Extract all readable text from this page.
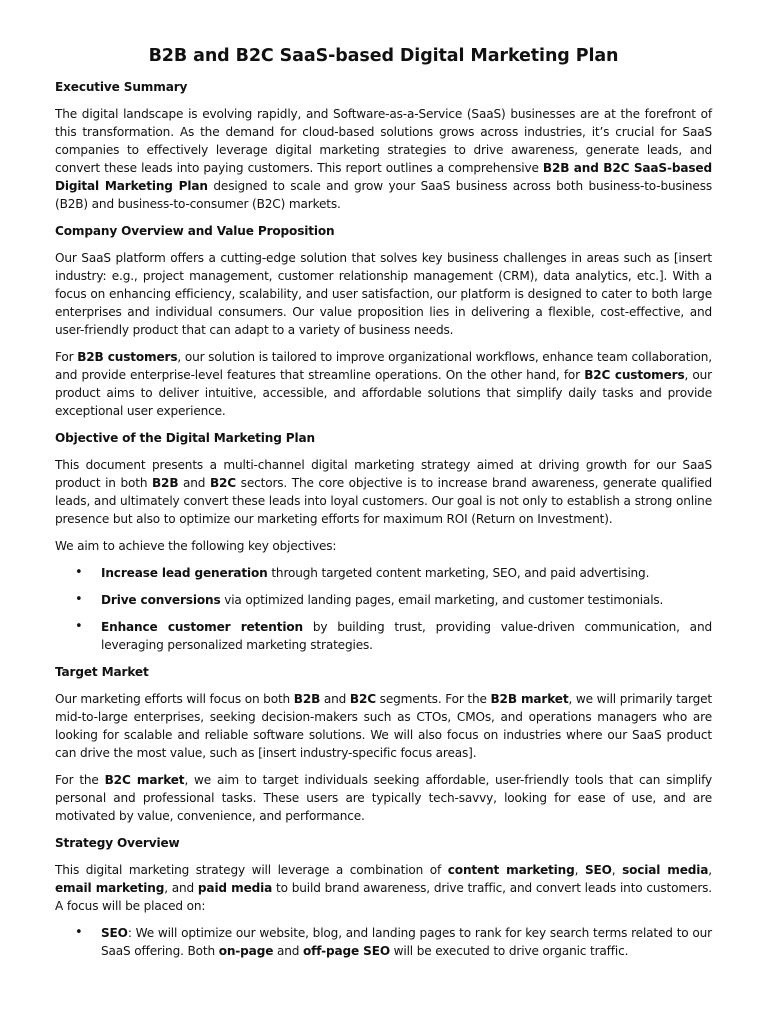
B2B and B2C SaaS-based Digital Marketing Plan
Executive Summary

The digital landscape is evolving rapidly, and Software-as-a-Service (SaaS) businesses are at the forefront of this transformation. As the demand for cloud-based solutions grows across industries, it’s crucial for SaaS companies to effectively leverage digital marketing strategies to drive awareness, generate leads, and convert these leads into paying customers. This report outlines a comprehensive B2B and B2C SaaS-based Digital Marketing Plan designed to scale and grow your SaaS business across both business-to-business (B2B) and business-to-consumer (B2C) markets.

Company Overview and Value Proposition

Our SaaS platform offers a cutting-edge solution that solves key business challenges in areas such as [insert industry: e.g., project management, customer relationship management (CRM), data analytics, etc.]. With a focus on enhancing efficiency, scalability, and user satisfaction, our platform is designed to cater to both large enterprises and individual consumers. Our value proposition lies in delivering a flexible, cost-effective, and user-friendly product that can adapt to a variety of business needs.

For B2B customers, our solution is tailored to improve organizational workflows, enhance team collaboration, and provide enterprise-level features that streamline operations. On the other hand, for B2C customers, our product aims to deliver intuitive, accessible, and affordable solutions that simplify daily tasks and provide exceptional user experience.

Objective of the Digital Marketing Plan

This document presents a multi-channel digital marketing strategy aimed at driving growth for our SaaS product in both B2B and B2C sectors. The core objective is to increase brand awareness, generate qualified leads, and ultimately convert these leads into loyal customers. Our goal is not only to establish a strong online presence but also to optimize our marketing efforts for maximum ROI (Return on Investment).

We aim to achieve the following key objectives:

• Increase lead generation through targeted content marketing, SEO, and paid advertising.
• Drive conversions via optimized landing pages, email marketing, and customer testimonials.
• Enhance customer retention by building trust, providing value-driven communication, and leveraging personalized marketing strategies.
Target Market

Our marketing efforts will focus on both B2B and B2C segments. For the B2B market, we will primarily target mid-to-large enterprises, seeking decision-makers such as CTOs, CMOs, and operations managers who are looking for scalable and reliable software solutions. We will also focus on industries where our SaaS product can drive the most value, such as [insert industry-specific focus areas].

For the B2C market, we aim to target individuals seeking affordable, user-friendly tools that can simplify personal and professional tasks. These users are typically tech-savvy, looking for ease of use, and are motivated by value, convenience, and performance.

Strategy Overview

This digital marketing strategy will leverage a combination of content marketing, SEO, social media, email marketing, and paid media to build brand awareness, drive traffic, and convert leads into customers. A focus will be placed on:

• SEO: We will optimize our website, blog, and landing pages to rank for key search terms related to our SaaS offering. Both on-page and off-page SEO will be executed to drive organic traffic.
